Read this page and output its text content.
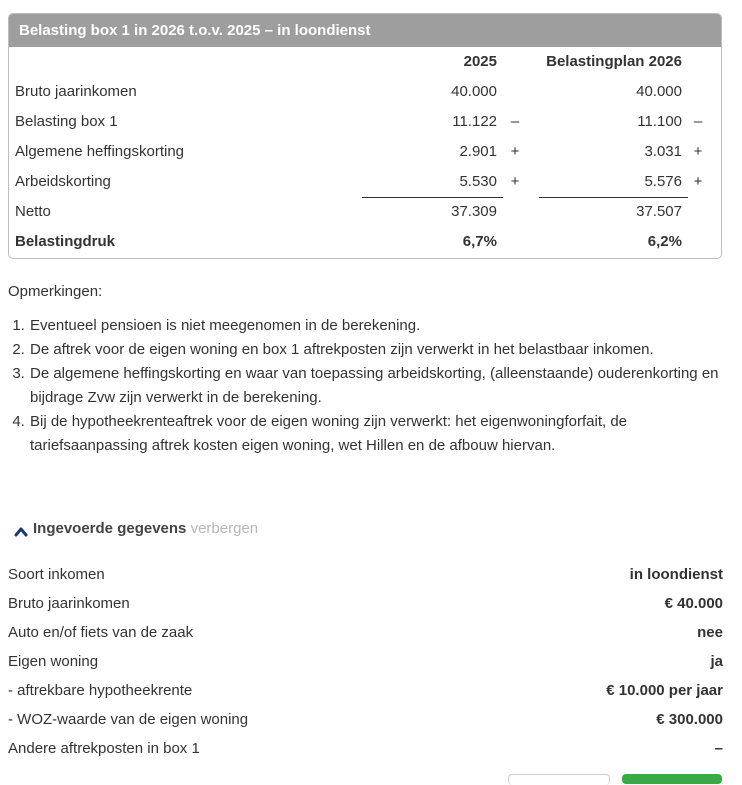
Belasting box 1 in 2026 t.o.v. 2025 – in loondienst
2025	Belastingplan 2026
Bruto jaarinkomen	40.000	40.000
Belasting box 1	11.122 –	11.100 –
Algemene heffingskorting	2.901 +	3.031 +
Arbeidskorting	5.530 +	5.576 +
Netto	37.309	37.507
Belastingdruk	6,7%	6,2%
Opmerkingen:
1. Eventueel pensioen is niet meegenomen in de berekening.
2. De aftrek voor de eigen woning en box 1 aftrekposten zijn verwerkt in het belastbaar inkomen.
3. De algemene heffingskorting en waar van toepassing arbeidskorting, (alleenstaande) ouderenkorting en bijdrage Zvw zijn verwerkt in de berekening.
4. Bij de hypotheekrenteaftrek voor de eigen woning zijn verwerkt: het eigenwoningforfait, de tariefsaanpassing aftrek kosten eigen woning, wet Hillen en de afbouw hiervan.
Ingevoerde gegevens verbergen
Soort inkomen	in loondienst
Bruto jaarinkomen	€ 40.000
Auto en/of fiets van de zaak	nee
Eigen woning	ja
- aftrekbare hypotheekrente	€ 10.000 per jaar
- WOZ-waarde van de eigen woning	€ 300.000
Andere aftrekposten in box 1	–
